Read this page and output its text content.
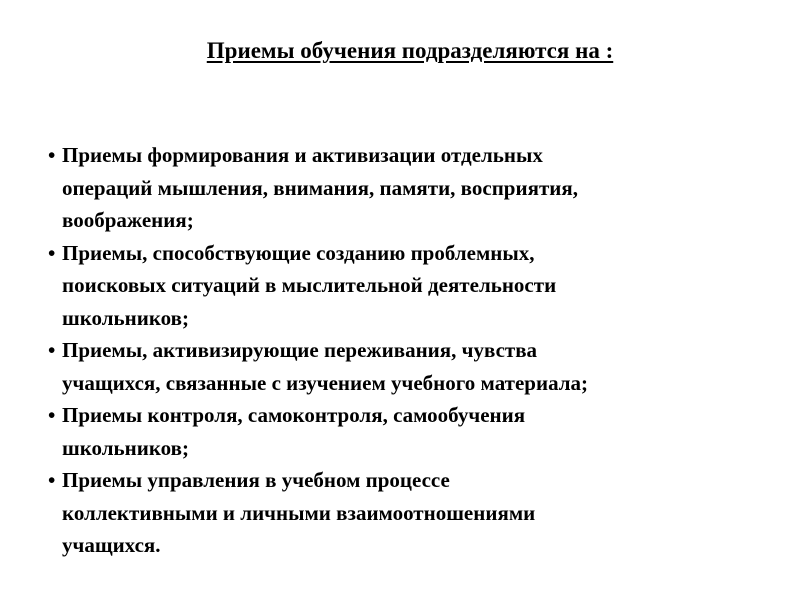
Приемы обучения подразделяются на :
• Приемы формирования и активизации отдельных
операций мышления, внимания, памяти, восприятия,
воображения;
• Приемы, способствующие созданию проблемных,
поисковых ситуаций в мыслительной деятельности
школьников;
• Приемы, активизирующие переживания, чувства
учащихся, связанные с изучением учебного материала;
• Приемы контроля, самоконтроля, самообучения
школьников;
• Приемы управления в учебном процессе
коллективными и личными взаимоотношениями
учащихся.
